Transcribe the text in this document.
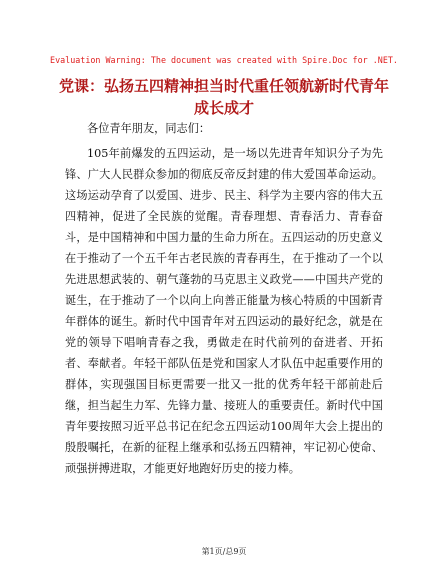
Evaluation Warning: The document was created with Spire.Doc for .NET.
党课：弘扬五四精神担当时代重任领航新时代青年成长成才

各位青年朋友，同志们：

105年前爆发的五四运动，是一场以先进青年知识分子为先锋、广大人民群众参加的彻底反帝反封建的伟大爱国革命运动。这场运动孕育了以爱国、进步、民主、科学为主要内容的伟大五四精神，促进了全民族的觉醒。青春理想、青春活力、青春奋斗，是中国精神和中国力量的生命力所在。五四运动的历史意义在于推动了一个五千年古老民族的青春再生，在于推动了一个以先进思想武装的、朝气蓬勃的马克思主义政党——中国共产党的诞生，在于推动了一个以向上向善正能量为核心特质的中国新青年群体的诞生。新时代中国青年对五四运动的最好纪念，就是在党的领导下唱响青春之我，勇做走在时代前列的奋进者、开拓者、奉献者。年轻干部队伍是党和国家人才队伍中起重要作用的群体，实现强国目标更需要一批又一批的优秀年轻干部前赴后继，担当起生力军、先锋力量、接班人的重要责任。新时代中国青年要按照习近平总书记在纪念五四运动100周年大会上提出的殷殷嘱托，在新的征程上继承和弘扬五四精神，牢记初心使命、顽强拼搏进取，才能更好地跑好历史的接力棒。

第1页/总9页
